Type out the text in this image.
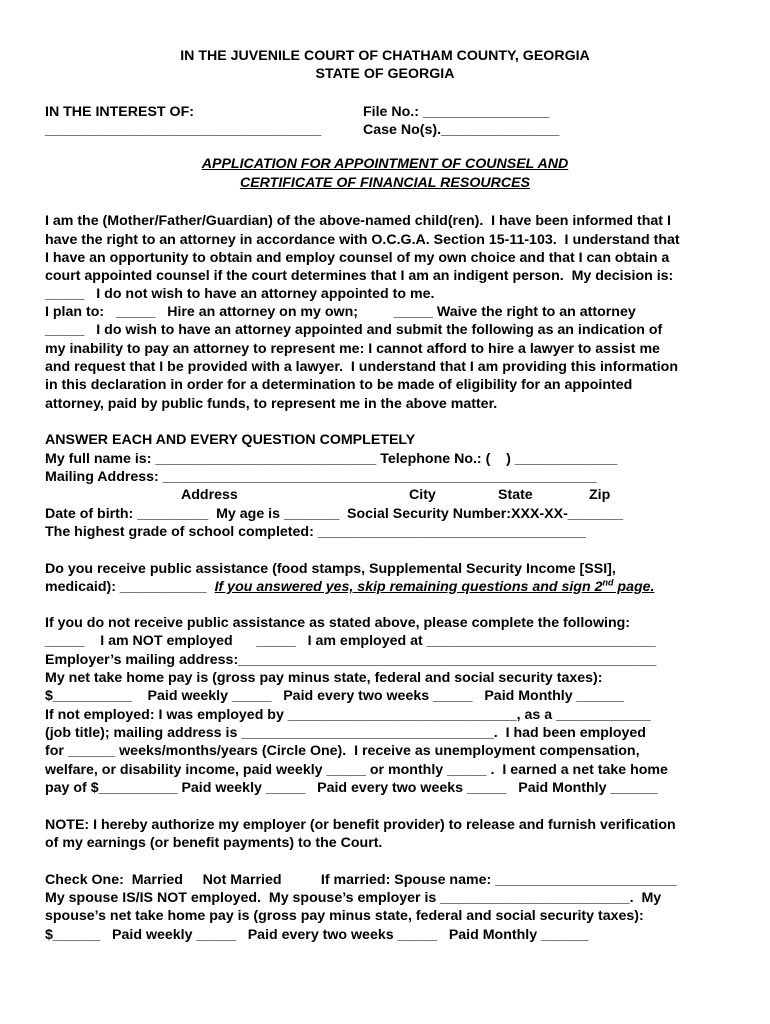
IN THE JUVENILE COURT OF CHATHAM COUNTY, GEORGIA
STATE OF GEORGIA
IN THE INTEREST OF:	File No.: ________________
___________________________________	Case No(s)._______________
APPLICATION FOR APPOINTMENT OF COUNSEL AND
CERTIFICATE OF FINANCIAL RESOURCES
I am the (Mother/Father/Guardian) of the above-named child(ren).  I have been informed that I
have the right to an attorney in accordance with O.C.G.A. Section 15-11-103.  I understand that
I have an opportunity to obtain and employ counsel of my own choice and that I can obtain a
court appointed counsel if the court determines that I am an indigent person.  My decision is:
_____   I do not wish to have an attorney appointed to me.
I plan to:   _____   Hire an attorney on my own;         _____ Waive the right to an attorney
_____   I do wish to have an attorney appointed and submit the following as an indication of
my inability to pay an attorney to represent me: I cannot afford to hire a lawyer to assist me
and request that I be provided with a lawyer.  I understand that I am providing this information
in this declaration in order for a determination to be made of eligibility for an appointed
attorney, paid by public funds, to represent me in the above matter.
ANSWER EACH AND EVERY QUESTION COMPLETELY
My full name is: ____________________________ Telephone No.: (    ) _____________
Mailing Address: _______________________________________________________
Address	City	State	Zip
Date of birth: _________  My age is _______  Social Security Number:XXX-XX-_______
The highest grade of school completed: __________________________________
Do you receive public assistance (food stamps, Supplemental Security Income [SSI],
medicaid): ___________  If you answered yes, skip remaining questions and sign 2nd page.
If you do not receive public assistance as stated above, please complete the following:
_____    I am NOT employed      _____   I am employed at _____________________________
Employer’s mailing address:_____________________________________________________
My net take home pay is (gross pay minus state, federal and social security taxes):
$__________    Paid weekly _____   Paid every two weeks _____   Paid Monthly ______
If not employed: I was employed by _____________________________, as a ____________
(job title); mailing address is ________________________________.  I had been employed
for ______ weeks/months/years (Circle One).  I receive as unemployment compensation,
welfare, or disability income, paid weekly _____ or monthly _____ .  I earned a net take home
pay of $__________ Paid weekly _____   Paid every two weeks _____   Paid Monthly ______
NOTE: I hereby authorize my employer (or benefit provider) to release and furnish verification
of my earnings (or benefit payments) to the Court.
Check One:  Married     Not Married          If married: Spouse name: _______________________
My spouse IS/IS NOT employed.  My spouse’s employer is ________________________.  My
spouse’s net take home pay is (gross pay minus state, federal and social security taxes):
$______   Paid weekly _____   Paid every two weeks _____   Paid Monthly ______
